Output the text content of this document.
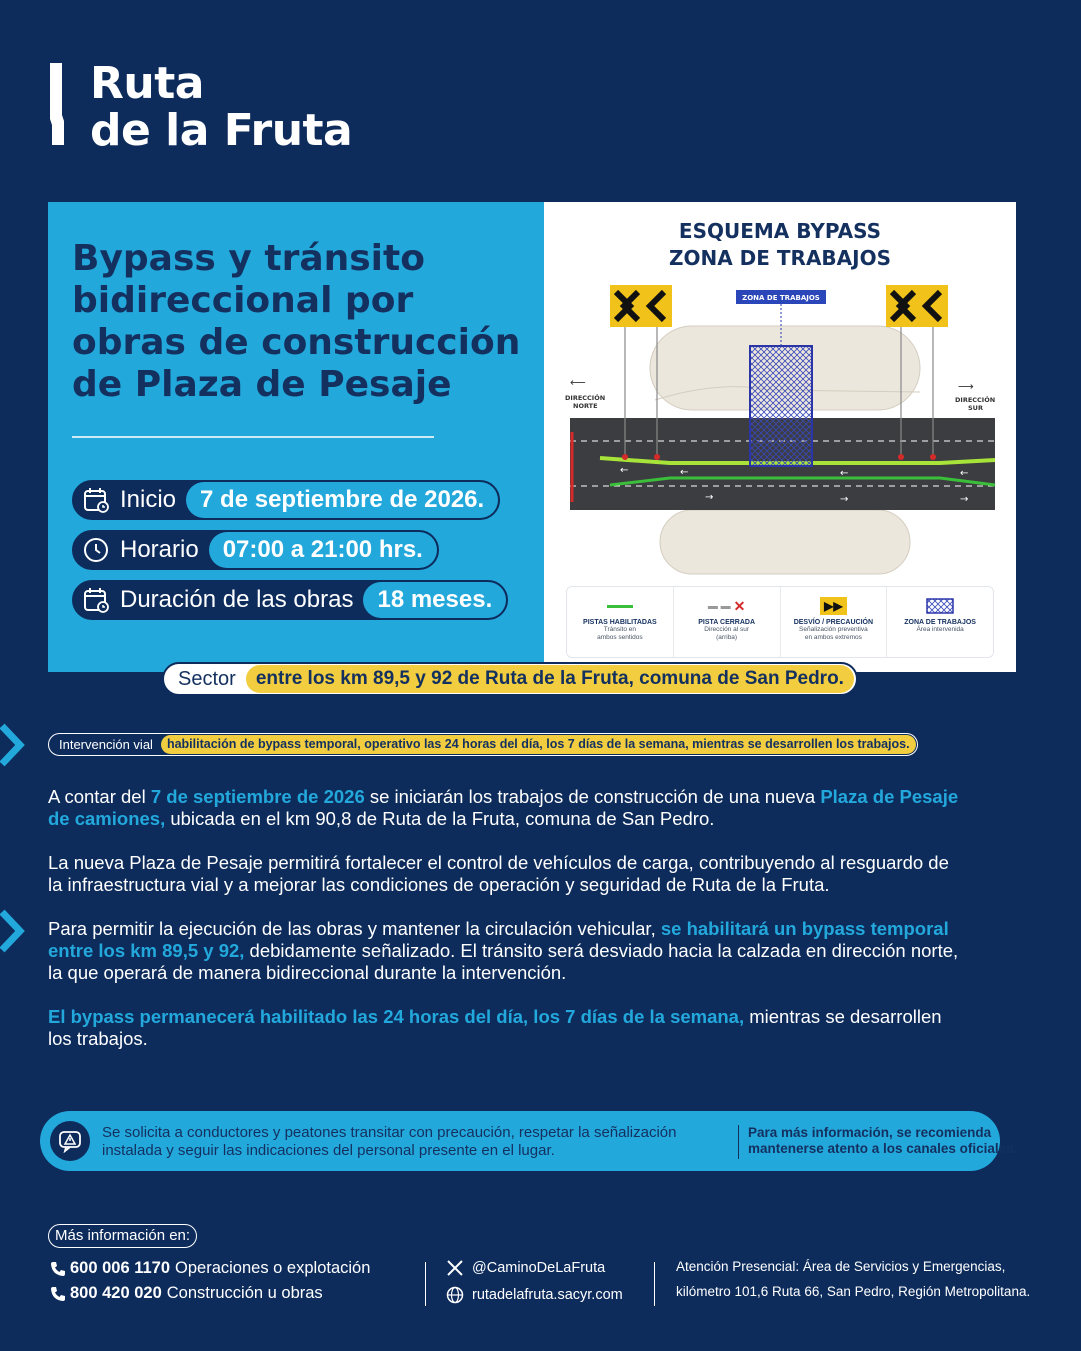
Ruta
de la Fruta
Bypass y tránsito bidireccional por obras de construcción de Plaza de Pesaje
Inicio	7 de septiembre de 2026.
Horario	07:00 a 21:00 hrs.
Duración de las obras	18 meses.
ESQUEMA BYPASS
ZONA DE TRABAJOS
←	←	←	←
→	→	→
ZONA DE TRABAJOS
⟵
DIRECCIÓN
NORTE
⟶
DIRECCIÓN
SUR
PISTAS HABILITADAS
Tránsito en
ambos sentidos
▬ ▬ ✕
PISTA CERRADA
Dirección al sur
(arriba)
▶▶
DESVÍO / PRECAUCIÓN
Señalización preventiva
en ambos extremos
ZONA DE TRABAJOS
Área intervenida
Sector	entre los km 89,5 y 92 de Ruta de la Fruta, comuna de San Pedro.
Intervención vial	habilitación de bypass temporal, operativo las 24 horas del día, los 7 días de la semana, mientras se desarrollen los trabajos.

A contar del 7 de septiembre de 2026 se iniciarán los trabajos de construcción de una nueva Plaza de Pesaje de camiones, ubicada en el km 90,8 de Ruta de la Fruta, comuna de San Pedro.

La nueva Plaza de Pesaje permitirá fortalecer el control de vehículos de carga, contribuyendo al resguardo de la infraestructura vial y a mejorar las condiciones de operación y seguridad de Ruta de la Fruta.

Para permitir la ejecución de las obras y mantener la circulación vehicular, se habilitará un bypass temporal entre los km 89,5 y 92, debidamente señalizado. El tránsito será desviado hacia la calzada en dirección norte, la que operará de manera bidireccional durante la intervención.

El bypass permanecerá habilitado las 24 horas del día, los 7 días de la semana, mientras se desarrollen los trabajos.

Se solicita a conductores y peatones transitar con precaución, respetar la señalización instalada y seguir las indicaciones del personal presente en el lugar.
Para más información, se recomienda mantenerse atento a los canales oficiales.
Más información en:
600 006 1170 Operaciones o explotación
800 420 020 Construcción u obras
@CaminoDeLaFruta
rutadelafruta.sacyr.com
Atención Presencial: Área de Servicios y Emergencias,
kilómetro 101,6 Ruta 66, San Pedro, Región Metropolitana.
